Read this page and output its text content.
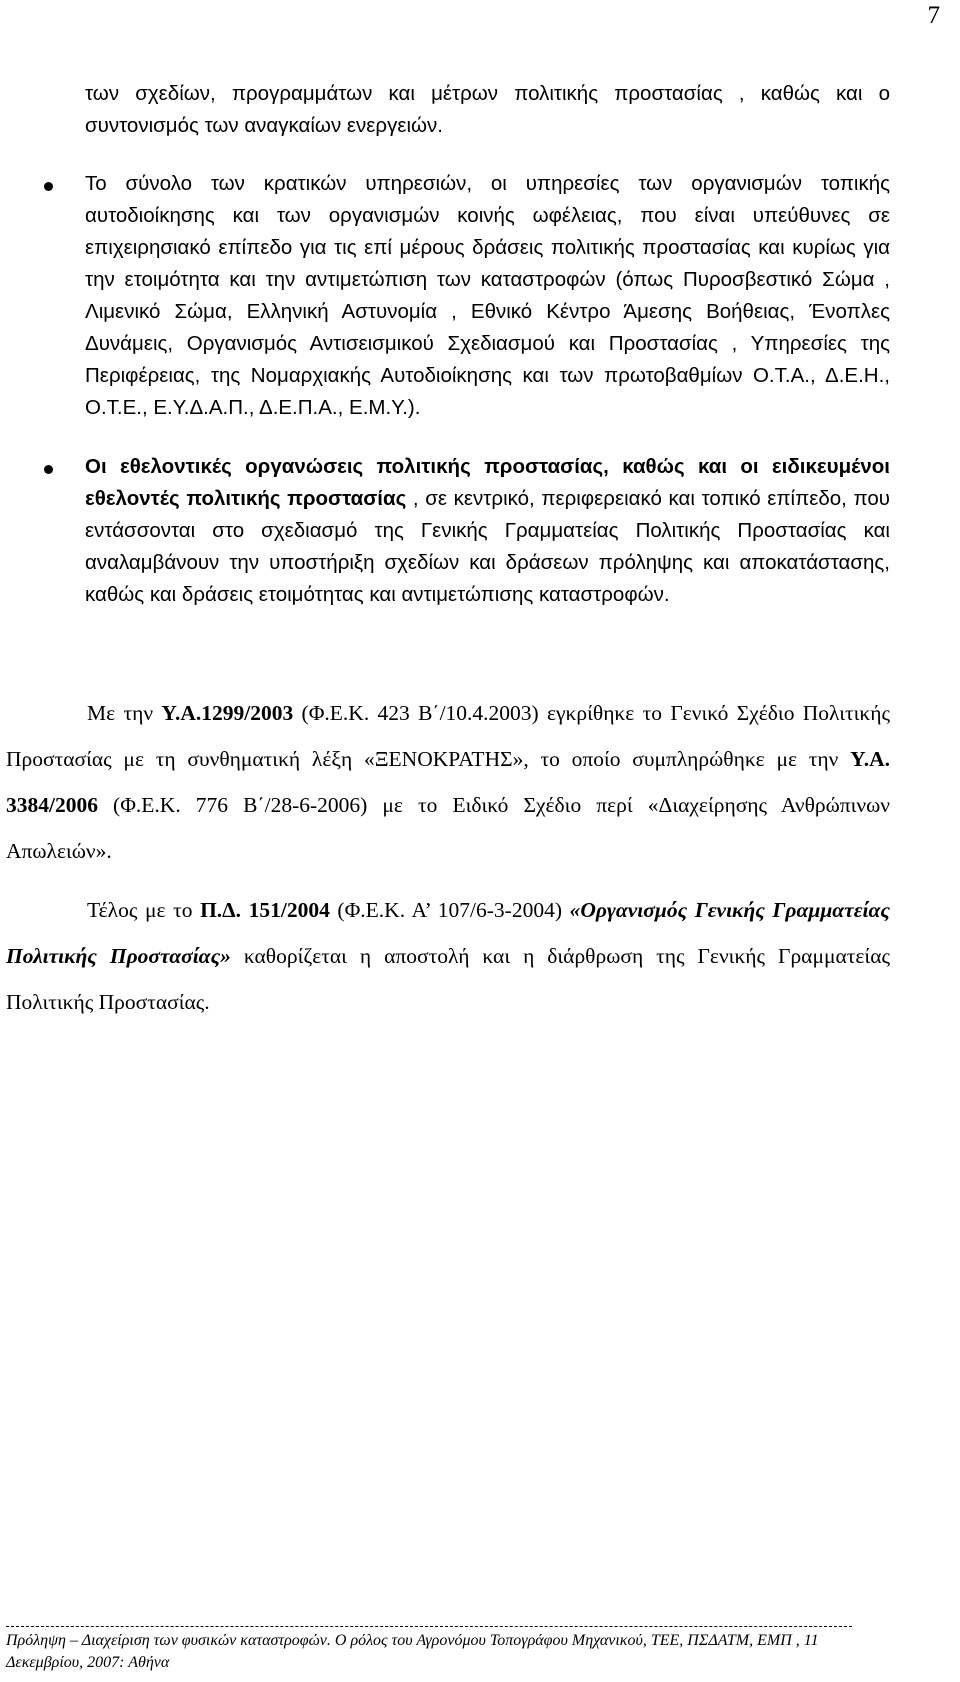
7
των σχεδίων, προγραμμάτων και μέτρων πολιτικής προστασίας , καθώς και ο συντονισμός των αναγκαίων ενεργειών.
Το σύνολο των κρατικών υπηρεσιών, οι υπηρεσίες των οργανισμών τοπικής αυτοδιοίκησης και των οργανισμών κοινής ωφέλειας, που είναι υπεύθυνες σε επιχειρησιακό επίπεδο για τις επί μέρους δράσεις πολιτικής προστασίας και κυρίως για την ετοιμότητα και την αντιμετώπιση των καταστροφών (όπως Πυροσβεστικό Σώμα , Λιμενικό Σώμα, Ελληνική Αστυνομία , Εθνικό Κέντρο Άμεσης Βοήθειας, Ένοπλες Δυνάμεις, Οργανισμός Αντισεισμικού Σχεδιασμού και Προστασίας , Υπηρεσίες της Περιφέρειας, της Νομαρχιακής Αυτοδιοίκησης και των πρωτοβαθμίων Ο.Τ.Α., Δ.Ε.Η., Ο.Τ.Ε., Ε.Υ.Δ.Α.Π., Δ.Ε.Π.Α., Ε.Μ.Υ.).
Οι εθελοντικές οργανώσεις πολιτικής προστασίας, καθώς και οι ειδικευμένοι εθελοντές πολιτικής προστασίας , σε κεντρικό, περιφερειακό και τοπικό επίπεδο, που εντάσσονται στο σχεδιασμό της Γενικής Γραμματείας Πολιτικής Προστασίας και αναλαμβάνουν την υποστήριξη σχεδίων και δράσεων πρόληψης και αποκατάστασης, καθώς και δράσεις ετοιμότητας και αντιμετώπισης καταστροφών.
Με την Υ.Α.1299/2003 (Φ.Ε.Κ. 423 Β΄/10.4.2003) εγκρίθηκε το Γενικό Σχέδιο Πολιτικής Προστασίας με τη συνθηματική λέξη «ΞΕΝΟΚΡΑΤΗΣ», το οποίο συμπληρώθηκε με την Υ.Α. 3384/2006 (Φ.Ε.Κ. 776 Β΄/28-6-2006) με το Ειδικό Σχέδιο περί «Διαχείρησης Ανθρώπινων Απωλειών».
Τέλος με το Π.Δ. 151/2004 (Φ.Ε.Κ. Α’ 107/6-3-2004) «Οργανισμός Γενικής Γραμματείας Πολιτικής Προστασίας» καθορίζεται η αποστολή και η διάρθρωση της Γενικής Γραμματείας Πολιτικής Προστασίας.
Πρόληψη – Διαχείριση των φυσικών καταστροφών. Ο ρόλος του Αγρονόμου Τοπογράφου Μηχανικού, ΤΕΕ, ΠΣΔΑΤΜ, ΕΜΠ , 11 Δεκεμβρίου, 2007: Αθήνα
